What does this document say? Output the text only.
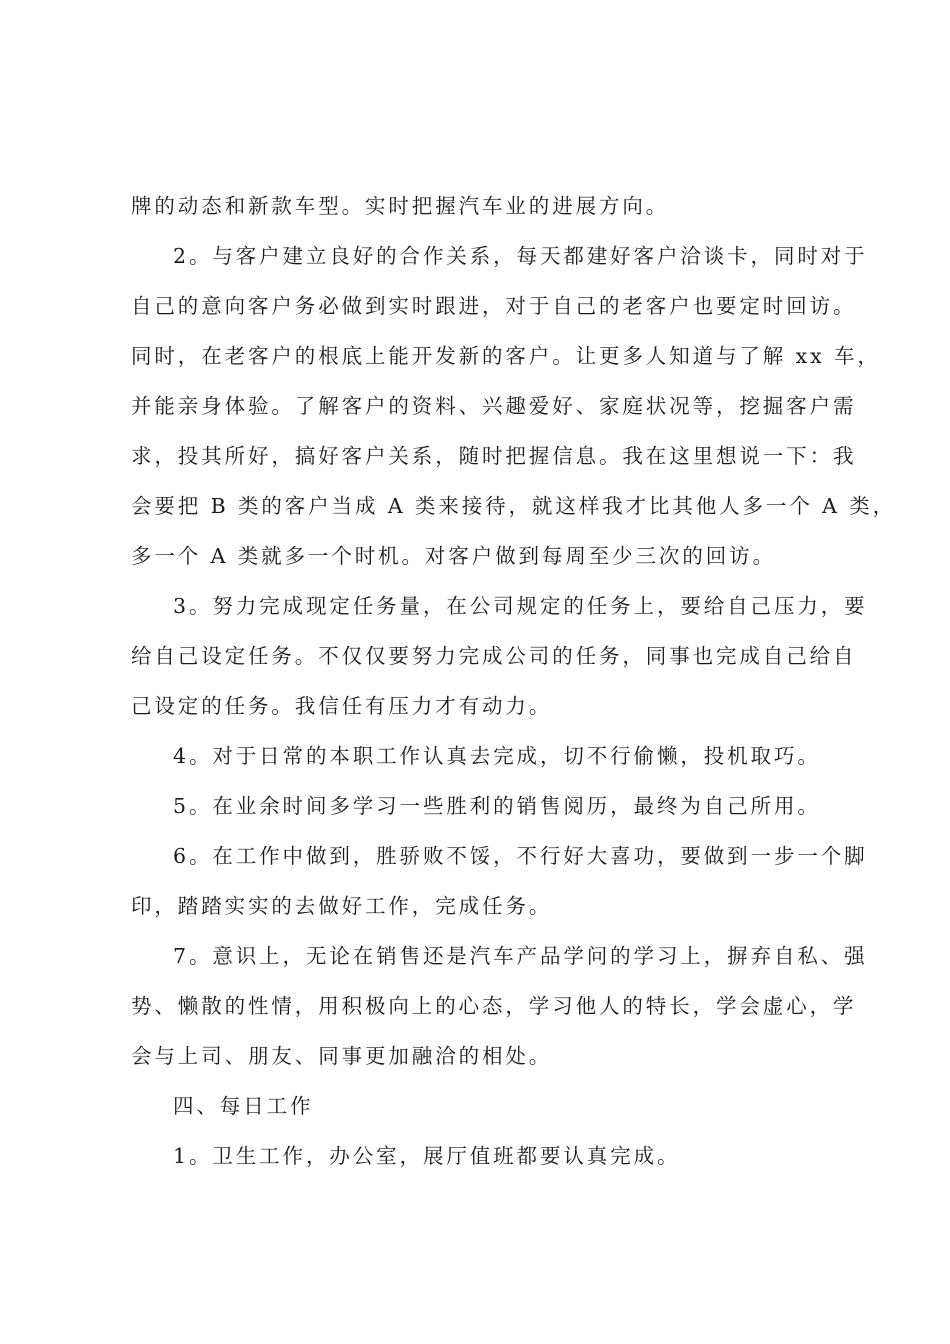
牌的动态和新款车型。实时把握汽车业的进展方向。
2。与客户建立良好的合作关系，每天都建好客户洽谈卡，同时对于
自己的意向客户务必做到实时跟进，对于自己的老客户也要定时回访。
同时，在老客户的根底上能开发新的客户。让更多人知道与了解 xx 车，
并能亲身体验。了解客户的资料、兴趣爱好、家庭状况等，挖掘客户需
求，投其所好，搞好客户关系，随时把握信息。我在这里想说一下：我
会要把 B 类的客户当成 A 类来接待，就这样我才比其他人多一个 A 类，
多一个 A 类就多一个时机。对客户做到每周至少三次的回访。
3。努力完成现定任务量，在公司规定的任务上，要给自己压力，要
给自己设定任务。不仅仅要努力完成公司的任务，同事也完成自己给自
己设定的任务。我信任有压力才有动力。
4。对于日常的本职工作认真去完成，切不行偷懒，投机取巧。
5。在业余时间多学习一些胜利的销售阅历，最终为自己所用。
6。在工作中做到，胜骄败不馁，不行好大喜功，要做到一步一个脚
印，踏踏实实的去做好工作，完成任务。
7。意识上，无论在销售还是汽车产品学问的学习上，摒弃自私、强
势、懒散的性情，用积极向上的心态，学习他人的特长，学会虚心，学
会与上司、朋友、同事更加融洽的相处。
四、每日工作
1。卫生工作，办公室，展厅值班都要认真完成。
